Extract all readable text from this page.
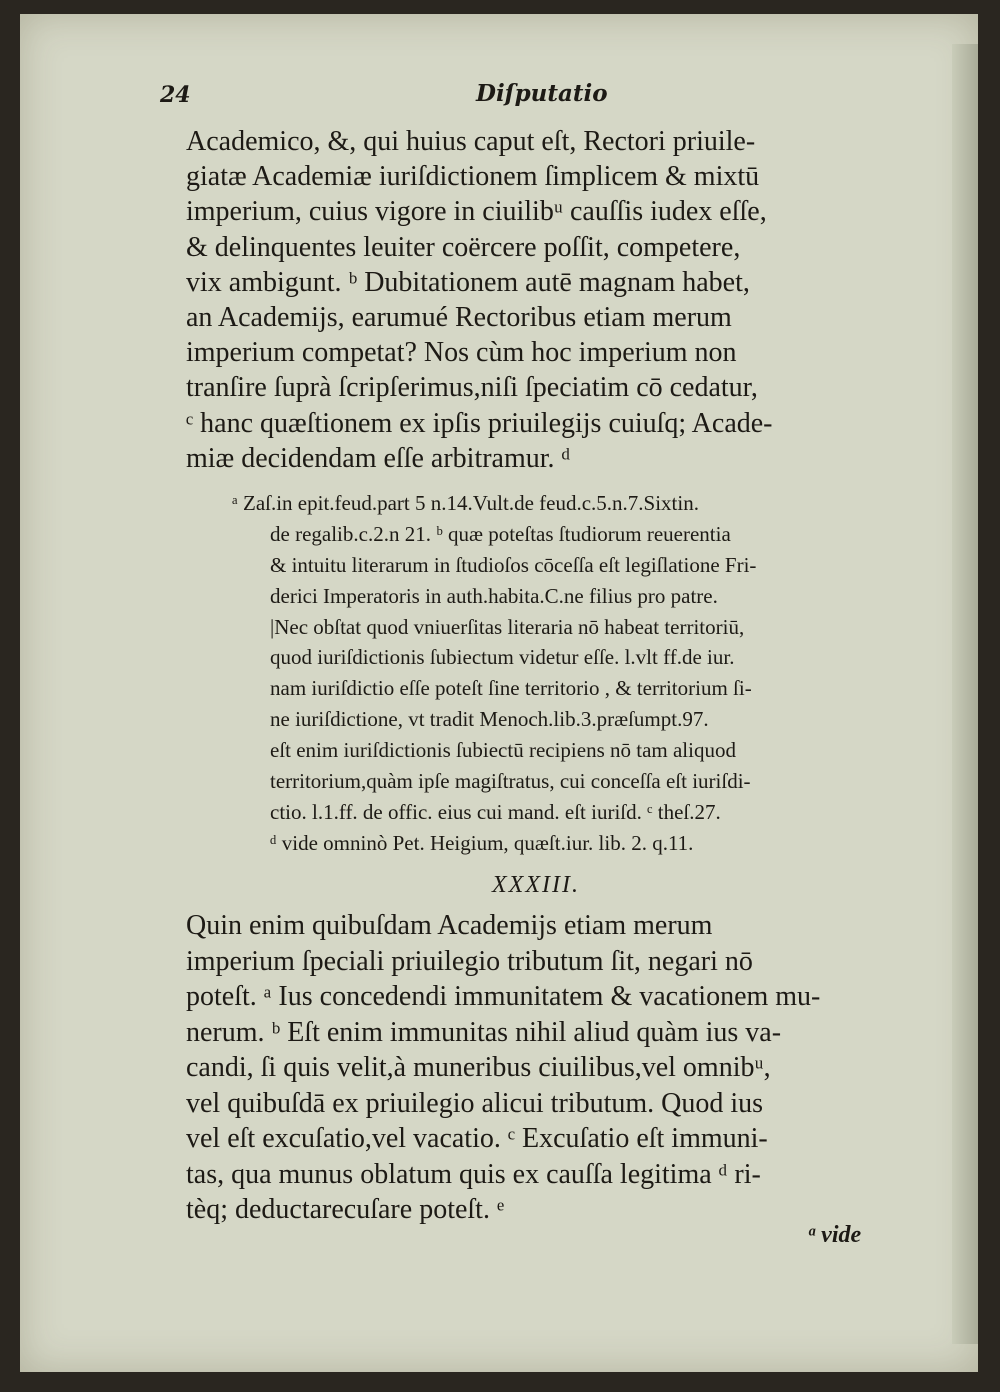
24	Diſputatio
Academico, &, qui huius caput eſt, Rectori priuile-
giatæ Academiæ iuriſdictionem ſimplicem & mixtū
imperium, cuius vigore in ciuilibᵘ cauſſis iudex eſſe,
& delinquentes leuiter coërcere poſſit, competere,
vix ambigunt. ᵇ Dubitationem autē magnam habet,
an Academijs, earumué Rectoribus etiam merum
imperium competat? Nos cùm hoc imperium non
tranſire ſuprà ſcripſerimus,niſi ſpeciatim cō cedatur,
ᶜ hanc quæſtionem ex ipſis priuilegijs cuiuſq; Acade-
miæ decidendam eſſe arbitramur. ᵈ
ᵃ Zaſ.in epit.feud.part 5 n.14.Vult.de feud.c.5.n.7.Sixtin.
de regalib.c.2.n 21. ᵇ quæ poteſtas ſtudiorum reuerentia
& intuitu literarum in ſtudioſos cōceſſa eſt legiſlatione Fri-
derici Imperatoris in auth.habita.C.ne filius pro patre.
|Nec obſtat quod vniuerſitas literaria nō habeat territoriū,
quod iuriſdictionis ſubiectum videtur eſſe. l.vlt ff.de iur.
nam iuriſdictio eſſe poteſt ſine territorio , & territorium ſi-
ne iuriſdictione, vt tradit Menoch.lib.3.præſumpt.97.
eſt enim iuriſdictionis ſubiectū recipiens nō tam aliquod
territorium,quàm ipſe magiſtratus, cui conceſſa eſt iuriſdi-
ctio. l.1.ff. de offic. eius cui mand. eſt iuriſd. ᶜ theſ.27.
ᵈ vide omninò Pet. Heigium, quæſt.iur. lib. 2. q.11.
XXXIII.
Quin enim quibuſdam Academijs etiam merum
imperium ſpeciali priuilegio tributum ſit, negari nō
poteſt. ᵃ Ius concedendi immunitatem & vacationem mu-
nerum. ᵇ Eſt enim immunitas nihil aliud quàm ius va-
candi, ſi quis velit,à muneribus ciuilibus,vel omnibᵘ,
vel quibuſdā ex priuilegio alicui tributum. Quod ius
vel eſt excuſatio,vel vacatio. ᶜ Excuſatio eſt immuni-
tas, qua munus oblatum quis ex cauſſa legitima ᵈ ri-
tèq; deductarecuſare poteſt. ᵉ
ᵃ vide
